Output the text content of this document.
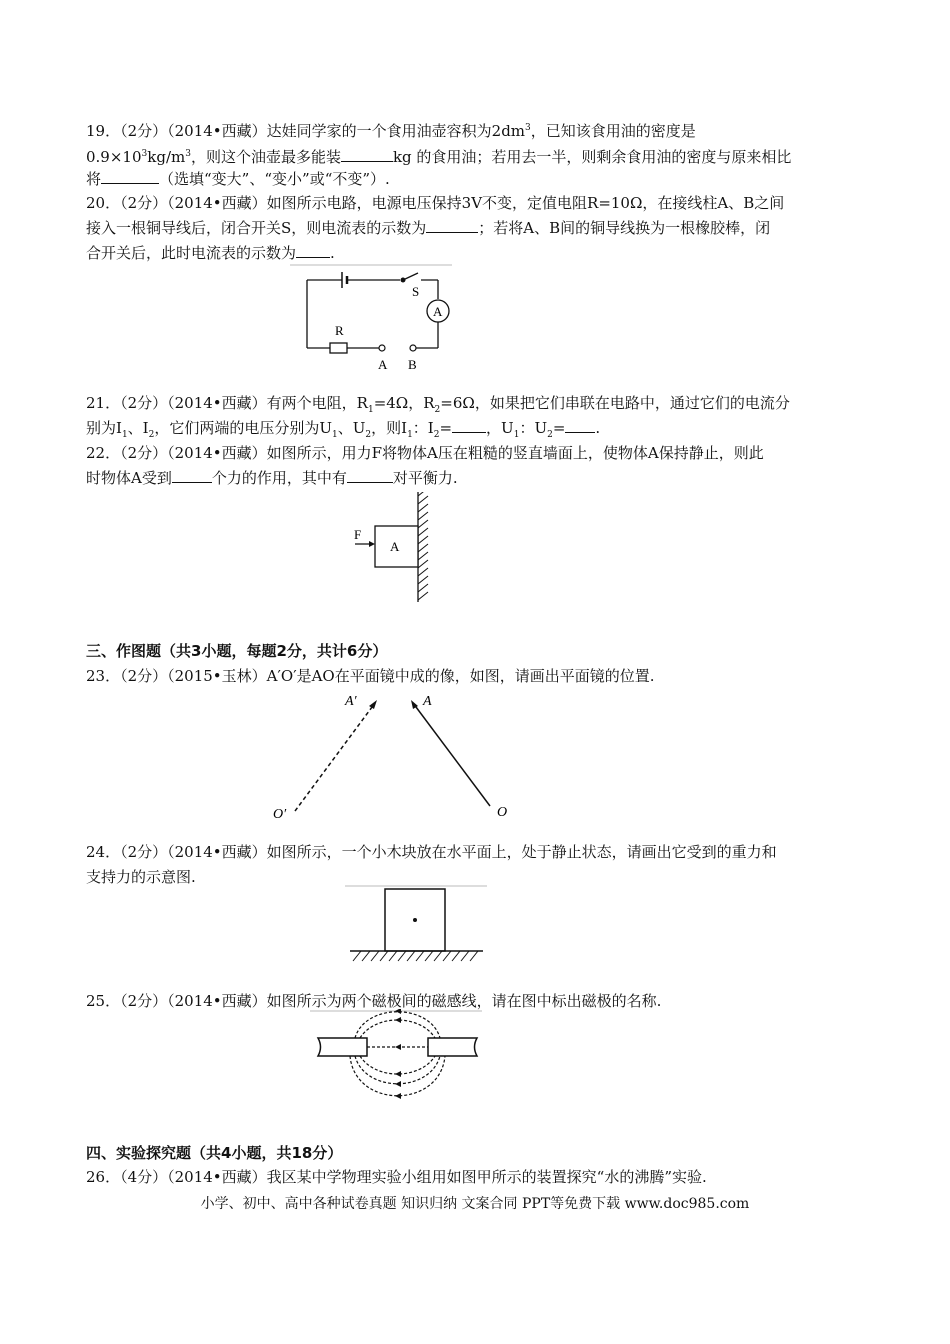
19．（2分）（2014•西藏）达娃同学家的一个食用油壶容积为$2dm^3$，已知该食用油的密度是
$0.9\times 10^3kg/m^3$，则这个油壶最多能装	kg 的食用油；若用去一半，则剩余食用油的密度与原来相比
将	（选填“变大”、“变小”或“不变”）.
20．（2分）（2014•西藏）如图所示电路，电源电压保持3V不变，定值电阻R=10Ω，在接线柱A、B之间
接入一根铜导线后，闭合开关S，则电流表的示数为	；若将A、B间的铜导线换为一根橡胶棒，闭
合开关后，此时电流表的示数为 .
S
A
R
A B
21．（2分）（2014•西藏）有两个电阻，$R_1=4\Omega$，$R_2=6\Omega$，如果把它们串联在电路中，通过它们的电流分
别为$I_1$、$I_2$，它们两端的电压分别为$U_1$、$U_2$，则$I_1$：$I_2=$ ，$U_1$：$U_2=$ .
22．（2分）（2014•西藏）如图所示，用力F将物体A压在粗糙的竖直墙面上，使物体A保持静止，则此
时物体A受到	个力的作用，其中有	对平衡力.
A
F
三、作图题（共3小题，每题2分，共计6分）
23．（2分）（2015•玉林）A′O′是AO在平面镜中成的像，如图，请画出平面镜的位置.
A′	A
O′	O
24．（2分）（2014•西藏）如图所示，一个小木块放在水平面上，处于静止状态，请画出它受到的重力和
支持力的示意图.
25．（2分）（2014•西藏）如图所示为两个磁极间的磁感线，请在图中标出磁极的名称.
四、实验探究题（共4小题，共18分）
26．（4分）（2014•西藏）我区某中学物理实验小组用如图甲所示的装置探究“水的沸腾”实验.
小学、初中、高中各种试卷真题 知识归纳 文案合同 PPT等免费下载 www.doc985.com
